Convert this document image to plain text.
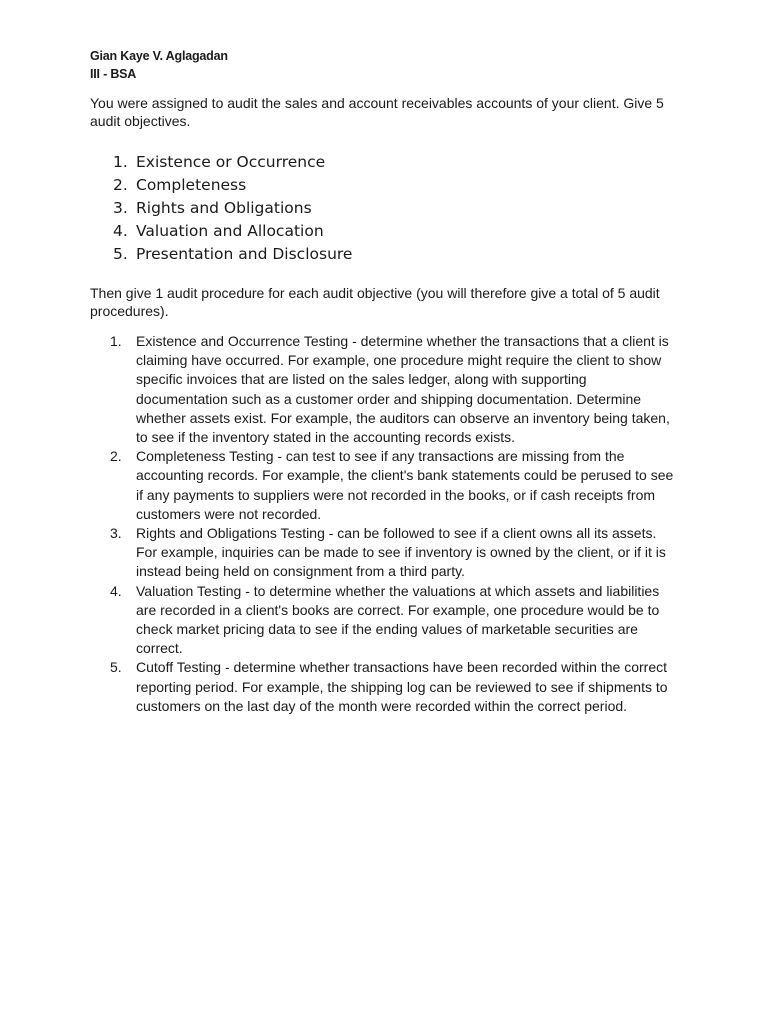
Gian Kaye V. Aglagadan
III - BSA
You were assigned to audit the sales and account receivables accounts of your client. Give 5 audit objectives.
1. Existence or Occurrence
2. Completeness
3. Rights and Obligations
4. Valuation and Allocation
5. Presentation and Disclosure
Then give 1 audit procedure for each audit objective (you will therefore give a total of 5 audit procedures).
1.	Existence and Occurrence Testing - determine whether the transactions that a client is claiming have occurred. For example, one procedure might require the client to show specific invoices that are listed on the sales ledger, along with supporting documentation such as a customer order and shipping documentation. Determine whether assets exist. For example, the auditors can observe an inventory being taken, to see if the inventory stated in the accounting records exists.
2.	Completeness Testing - can test to see if any transactions are missing from the accounting records. For example, the client's bank statements could be perused to see if any payments to suppliers were not recorded in the books, or if cash receipts from customers were not recorded.
3.	Rights and Obligations Testing - can be followed to see if a client owns all its assets. For example, inquiries can be made to see if inventory is owned by the client, or if it is instead being held on consignment from a third party.
4.	Valuation Testing - to determine whether the valuations at which assets and liabilities are recorded in a client's books are correct. For example, one procedure would be to check market pricing data to see if the ending values of marketable securities are correct.
5.	Cutoff Testing - determine whether transactions have been recorded within the correct reporting period. For example, the shipping log can be reviewed to see if shipments to customers on the last day of the month were recorded within the correct period.
